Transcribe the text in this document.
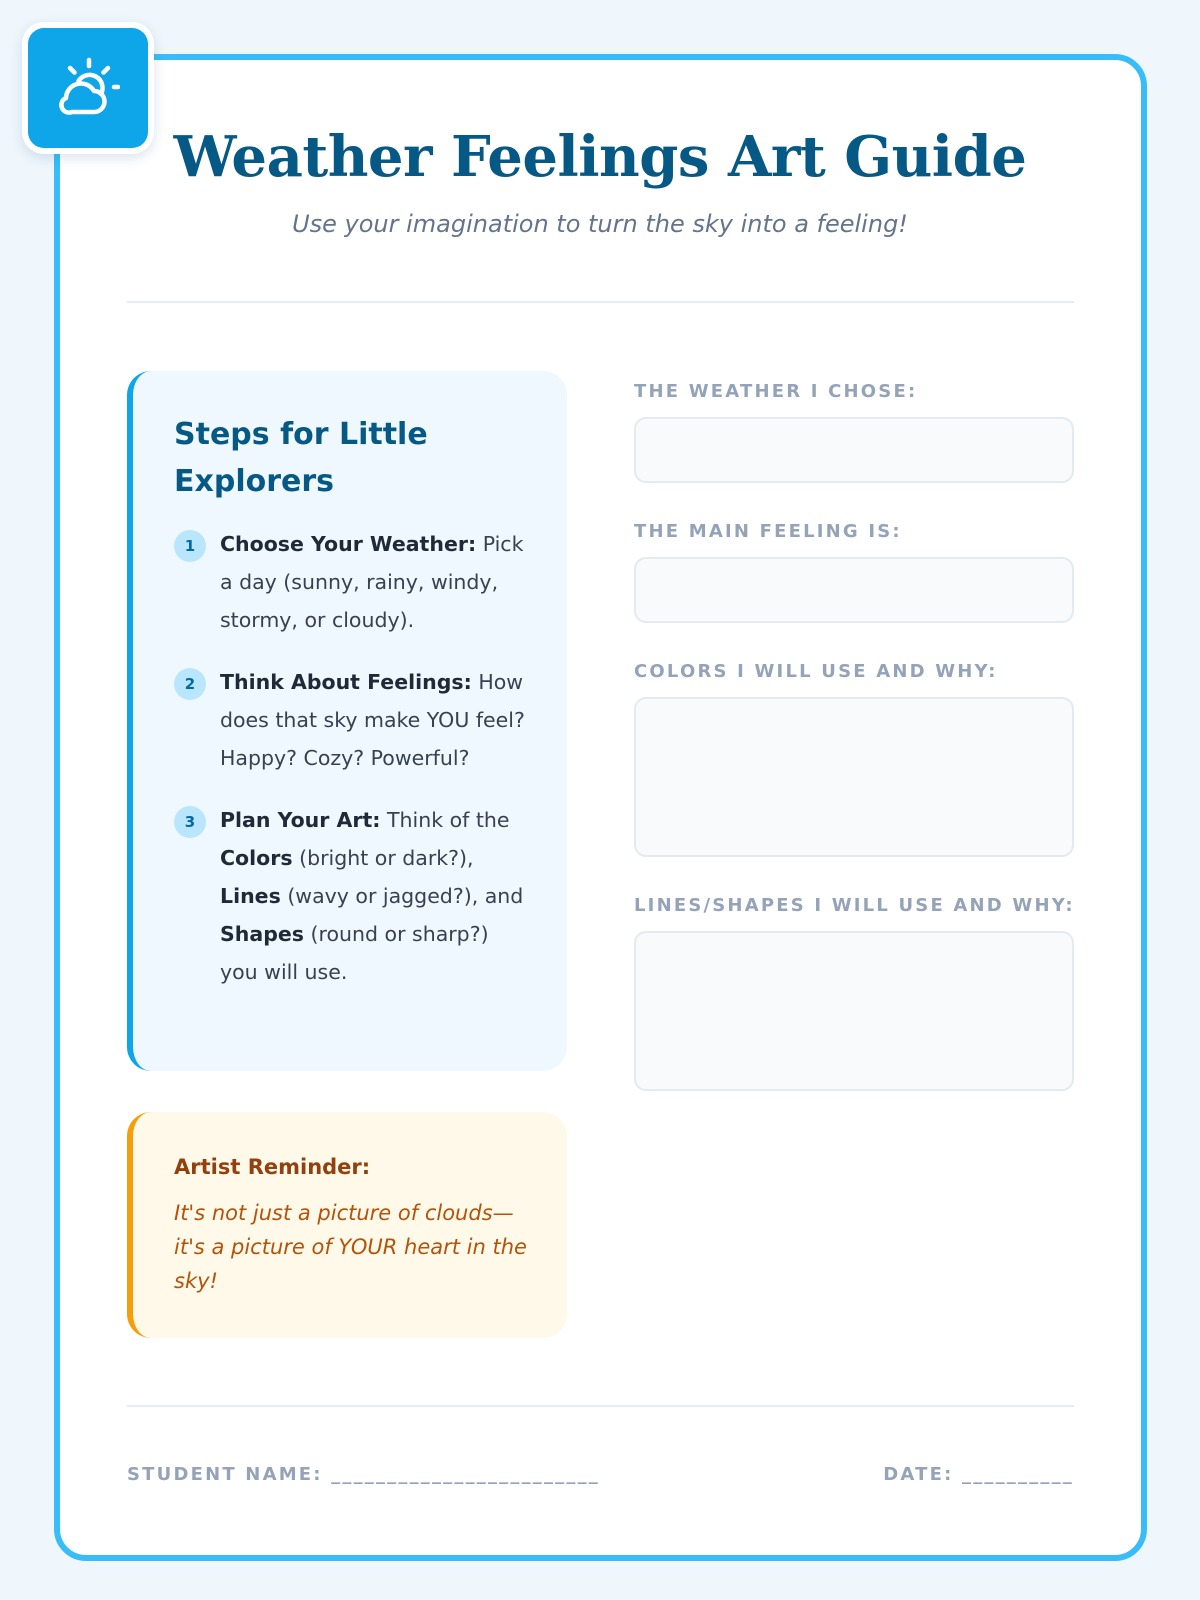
Weather Feelings Art Guide

Use your imagination to turn the sky into a feeling!

Steps for Little Explorers
1	Choose Your Weather: Pick a day (sunny, rainy, windy, stormy, or cloudy).
2	Think About Feelings: How does that sky make YOU feel? Happy? Cozy? Powerful?
3	Plan Your Art: Think of the Colors (bright or dark?), Lines (wavy or jagged?), and Shapes (round or sharp?) you will use.
Artist Reminder:
It's not just a picture of clouds—it's a picture of YOUR heart in the sky!
THE WEATHER I CHOSE:
THE MAIN FEELING IS:
COLORS I WILL USE AND WHY:
LINES/SHAPES I WILL USE AND WHY:
STUDENT NAME: ________________________	DATE: __________
